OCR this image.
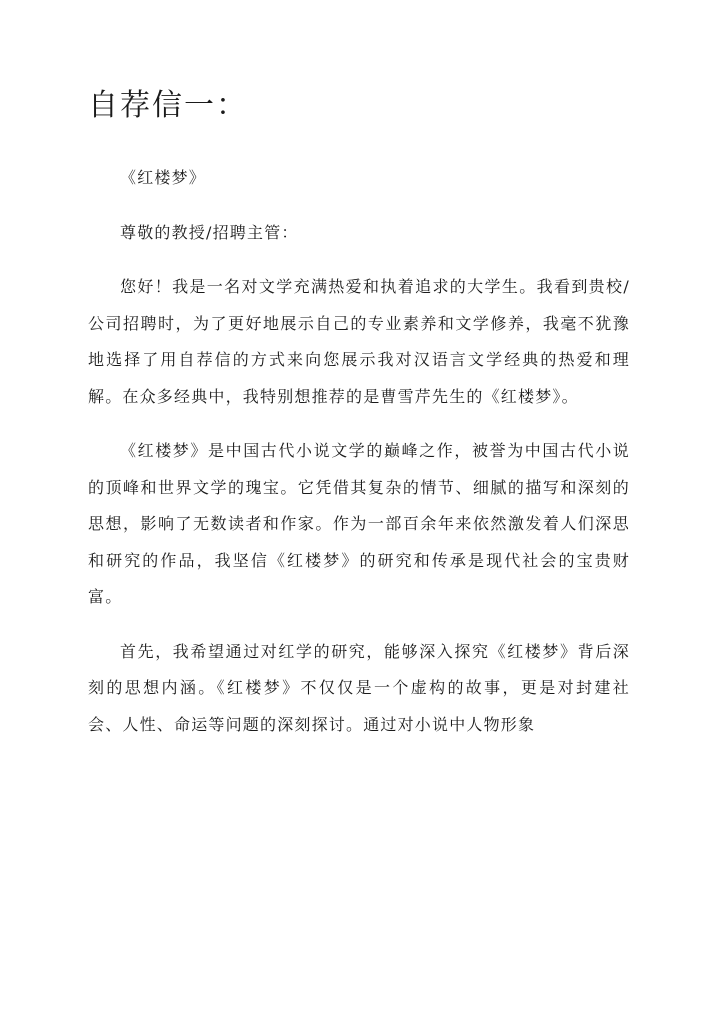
自荐信一：

《红楼梦》

尊敬的教授/招聘主管：

您好！我是一名对文学充满热爱和执着追求的大学生。我看到贵校/公司招聘时，为了更好地展示自己的专业素养和文学修养，我毫不犹豫地选择了用自荐信的方式来向您展示我对汉语言文学经典的热爱和理解。在众多经典中，我特别想推荐的是曹雪芹先生的《红楼梦》。

《红楼梦》是中国古代小说文学的巅峰之作，被誉为中国古代小说的顶峰和世界文学的瑰宝。它凭借其复杂的情节、细腻的描写和深刻的思想，影响了无数读者和作家。作为一部百余年来依然激发着人们深思和研究的作品，我坚信《红楼梦》的研究和传承是现代社会的宝贵财富。

首先，我希望通过对红学的研究，能够深入探究《红楼梦》背后深刻的思想内涵。《红楼梦》不仅仅是一个虚构的故事，更是对封建社会、人性、命运等问题的深刻探讨。通过对小说中人物形象
